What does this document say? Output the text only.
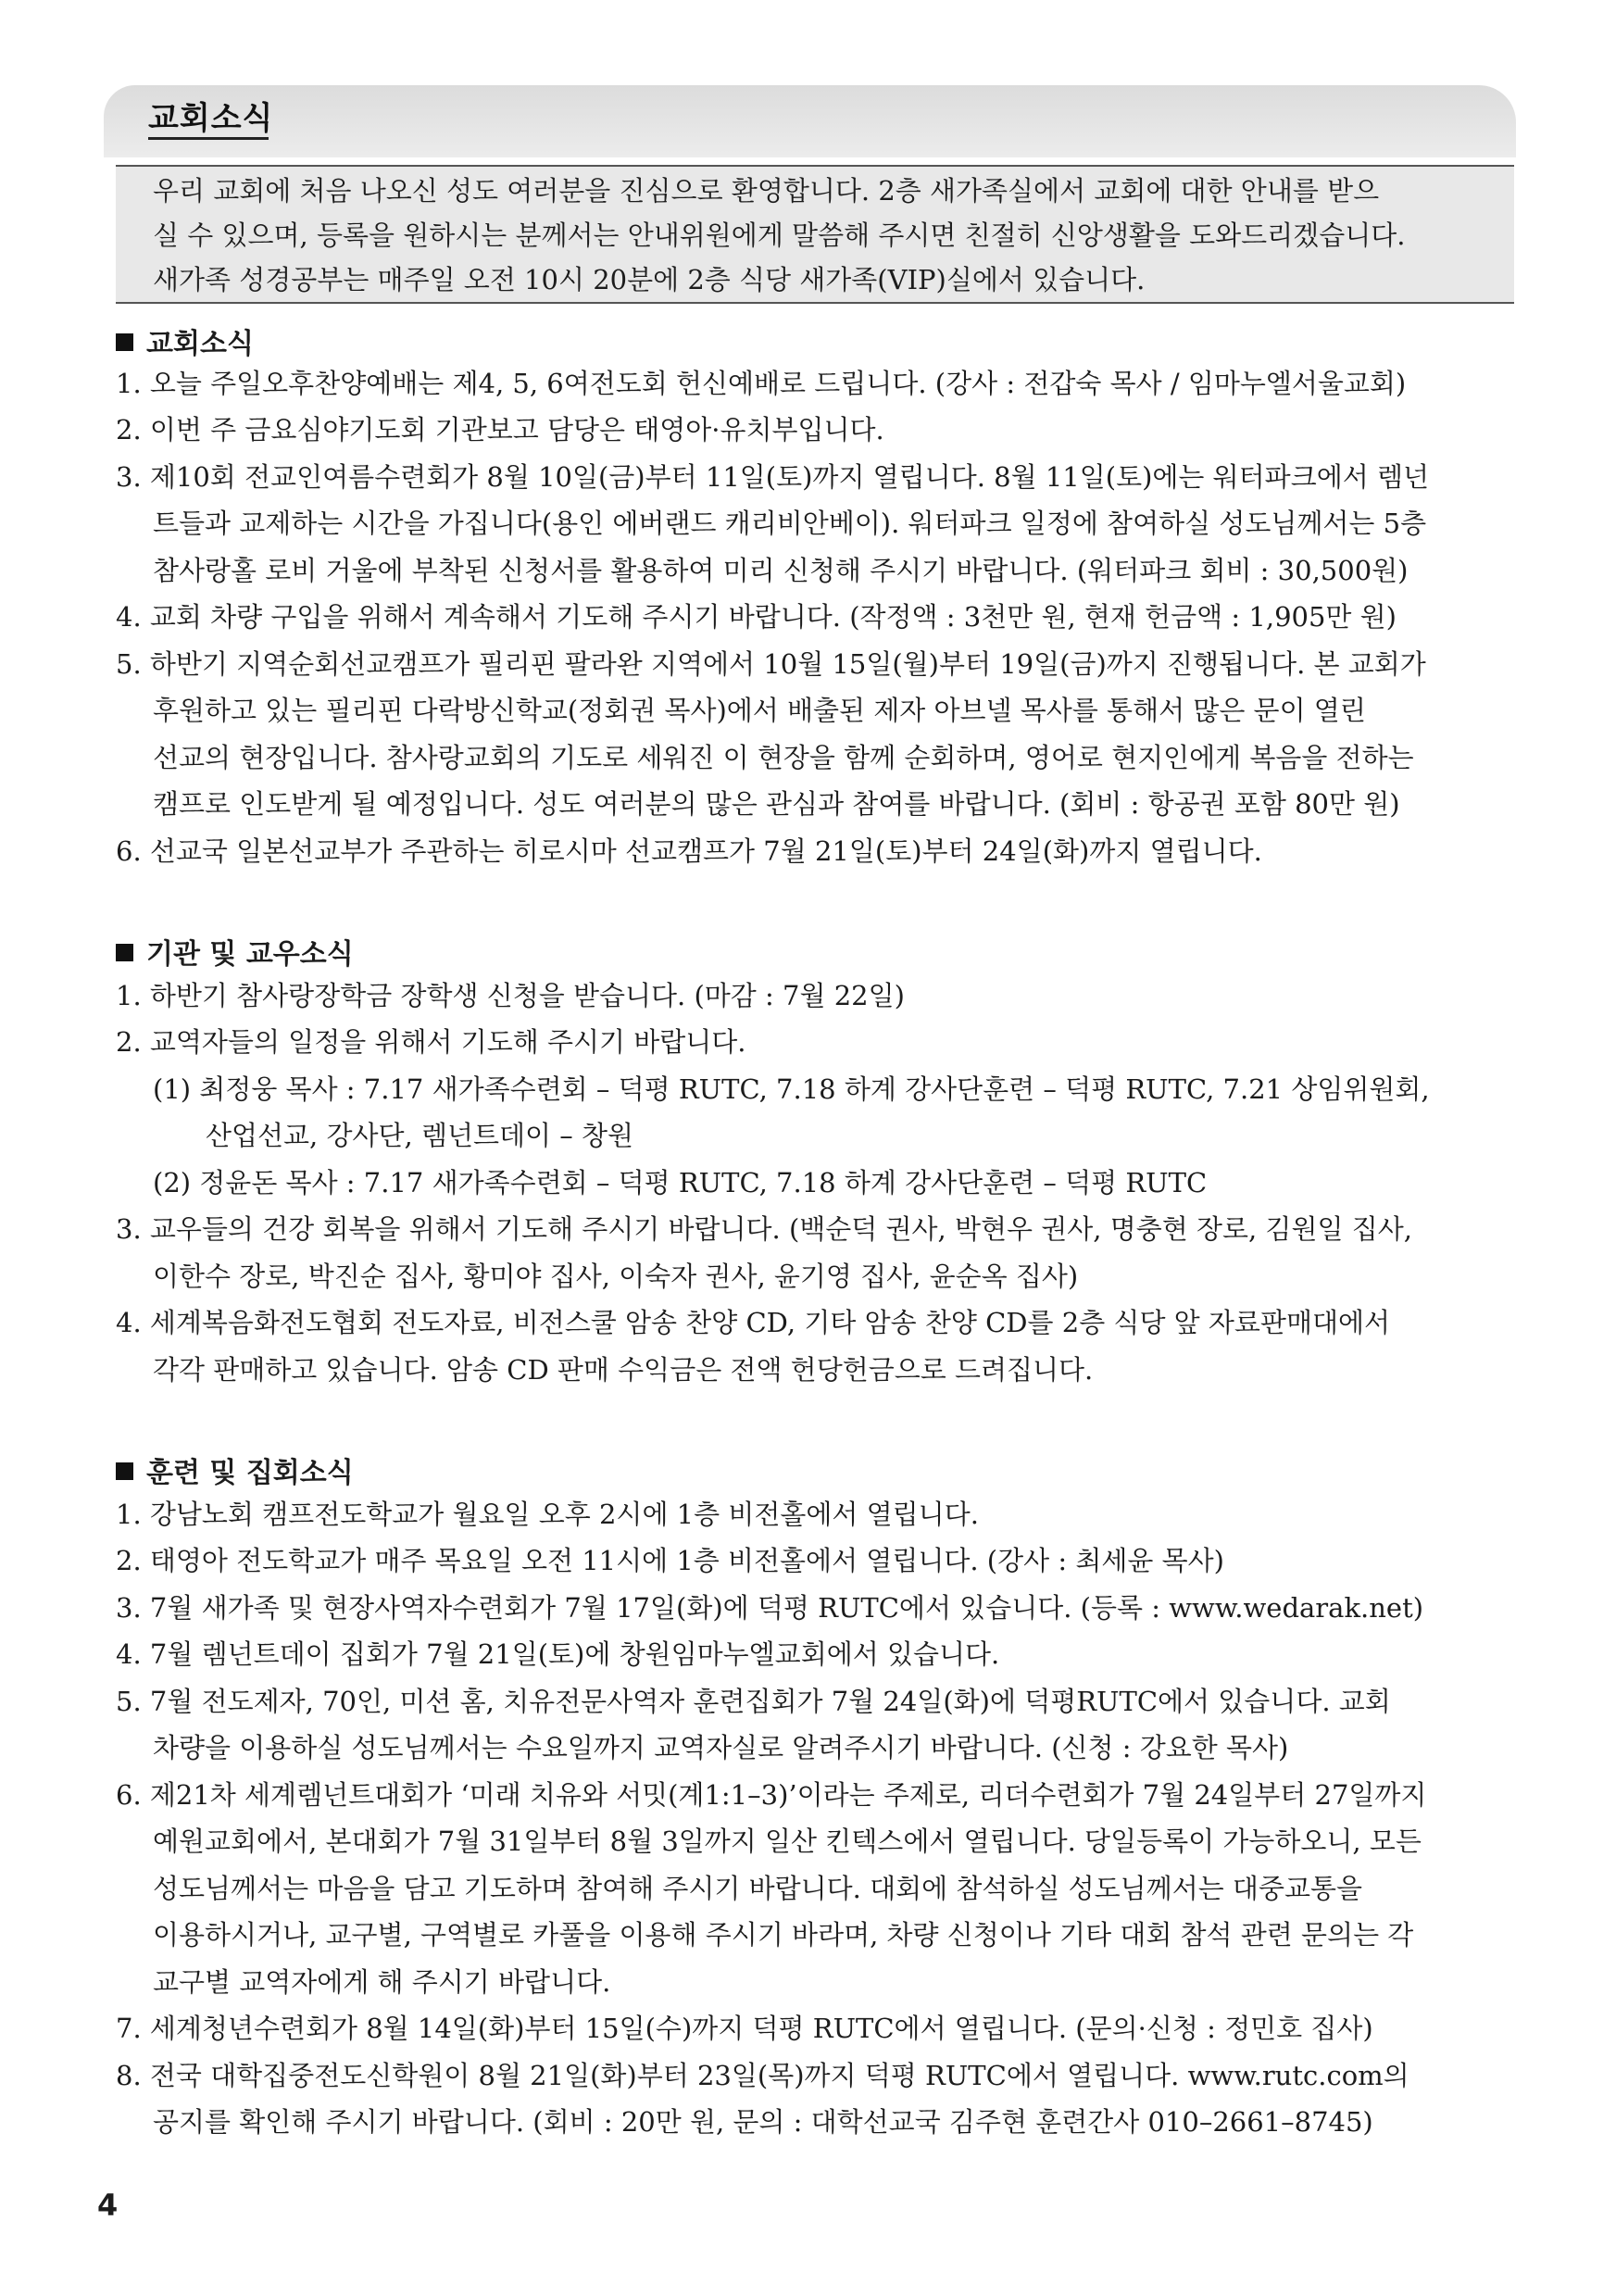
교회소식
우리 교회에 처음 나오신 성도 여러분을 진심으로 환영합니다. 2층 새가족실에서 교회에 대한 안내를 받으
실 수 있으며, 등록을 원하시는 분께서는 안내위원에게 말씀해 주시면 친절히 신앙생활을 도와드리겠습니다.
새가족 성경공부는 매주일 오전 10시 20분에 2층 식당 새가족(VIP)실에서 있습니다.
교회소식
1. 오늘 주일오후찬양예배는 제4, 5, 6여전도회 헌신예배로 드립니다. (강사 : 전갑숙 목사 / 임마누엘서울교회)
2. 이번 주 금요심야기도회 기관보고 담당은 태영아·유치부입니다.
3. 제10회 전교인여름수련회가 8월 10일(금)부터 11일(토)까지 열립니다. 8월 11일(토)에는 워터파크에서 렘넌
트들과 교제하는 시간을 가집니다(용인 에버랜드 캐리비안베이). 워터파크 일정에 참여하실 성도님께서는 5층
참사랑홀 로비 거울에 부착된 신청서를 활용하여 미리 신청해 주시기 바랍니다. (워터파크 회비 : 30,500원)
4. 교회 차량 구입을 위해서 계속해서 기도해 주시기 바랍니다. (작정액 : 3천만 원, 현재 헌금액 : 1,905만 원)
5. 하반기 지역순회선교캠프가 필리핀 팔라완 지역에서 10월 15일(월)부터 19일(금)까지 진행됩니다. 본 교회가
후원하고 있는 필리핀 다락방신학교(정회권 목사)에서 배출된 제자 아브넬 목사를 통해서 많은 문이 열린
선교의 현장입니다. 참사랑교회의 기도로 세워진 이 현장을 함께 순회하며, 영어로 현지인에게 복음을 전하는
캠프로 인도받게 될 예정입니다. 성도 여러분의 많은 관심과 참여를 바랍니다. (회비 : 항공권 포함 80만 원)
6. 선교국 일본선교부가 주관하는 히로시마 선교캠프가 7월 21일(토)부터 24일(화)까지 열립니다.
기관 및 교우소식
1. 하반기 참사랑장학금 장학생 신청을 받습니다. (마감 : 7월 22일)
2. 교역자들의 일정을 위해서 기도해 주시기 바랍니다.
(1) 최정웅 목사 : 7.17 새가족수련회 – 덕평 RUTC, 7.18 하계 강사단훈련 – 덕평 RUTC, 7.21 상임위원회,
산업선교, 강사단, 렘넌트데이 – 창원
(2) 정윤돈 목사 : 7.17 새가족수련회 – 덕평 RUTC, 7.18 하계 강사단훈련 – 덕평 RUTC
3. 교우들의 건강 회복을 위해서 기도해 주시기 바랍니다. (백순덕 권사, 박현우 권사, 명충현 장로, 김원일 집사,
이한수 장로, 박진순 집사, 황미야 집사, 이숙자 권사, 윤기영 집사, 윤순옥 집사)
4. 세계복음화전도협회 전도자료, 비전스쿨 암송 찬양 CD, 기타 암송 찬양 CD를 2층 식당 앞 자료판매대에서
각각 판매하고 있습니다. 암송 CD 판매 수익금은 전액 헌당헌금으로 드려집니다.
훈련 및 집회소식
1. 강남노회 캠프전도학교가 월요일 오후 2시에 1층 비전홀에서 열립니다.
2. 태영아 전도학교가 매주 목요일 오전 11시에 1층 비전홀에서 열립니다. (강사 : 최세윤 목사)
3. 7월 새가족 및 현장사역자수련회가 7월 17일(화)에 덕평 RUTC에서 있습니다. (등록 : www.wedarak.net)
4. 7월 렘넌트데이 집회가 7월 21일(토)에 창원임마누엘교회에서 있습니다.
5. 7월 전도제자, 70인, 미션 홈, 치유전문사역자 훈련집회가 7월 24일(화)에 덕평RUTC에서 있습니다. 교회
차량을 이용하실 성도님께서는 수요일까지 교역자실로 알려주시기 바랍니다. (신청 : 강요한 목사)
6. 제21차 세계렘넌트대회가 ‘미래 치유와 서밋(계1:1–3)’이라는 주제로, 리더수련회가 7월 24일부터 27일까지
예원교회에서, 본대회가 7월 31일부터 8월 3일까지 일산 킨텍스에서 열립니다. 당일등록이 가능하오니, 모든
성도님께서는 마음을 담고 기도하며 참여해 주시기 바랍니다. 대회에 참석하실 성도님께서는 대중교통을
이용하시거나, 교구별, 구역별로 카풀을 이용해 주시기 바라며, 차량 신청이나 기타 대회 참석 관련 문의는 각
교구별 교역자에게 해 주시기 바랍니다.
7. 세계청년수련회가 8월 14일(화)부터 15일(수)까지 덕평 RUTC에서 열립니다. (문의·신청 : 정민호 집사)
8. 전국 대학집중전도신학원이 8월 21일(화)부터 23일(목)까지 덕평 RUTC에서 열립니다. www.rutc.com의
공지를 확인해 주시기 바랍니다. (회비 : 20만 원, 문의 : 대학선교국 김주현 훈련간사 010–2661–8745)
4
